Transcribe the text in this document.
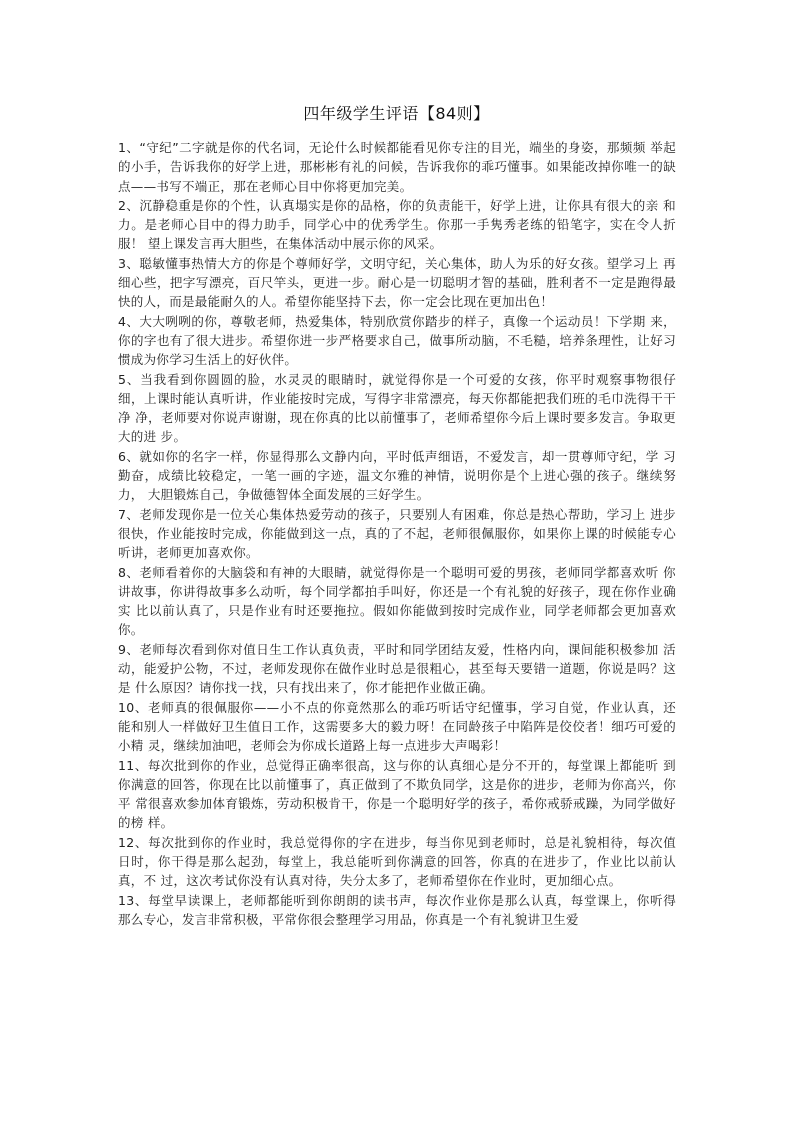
四年级学生评语【84则】

1、“守纪”二字就是你的代名词，无论什么时候都能看见你专注的目光，端坐的身姿，那频频 举起的小手，告诉我你的好学上进，那彬彬有礼的问候，告诉我你的乖巧懂事。如果能改掉你唯一的缺 点——书写不端正，那在老师心目中你将更加完美。

2、沉静稳重是你的个性，认真塌实是你的品格，你的负责能干，好学上进，让你具有很大的亲 和力。是老师心目中的得力助手，同学心中的优秀学生。你那一手隽秀老练的铅笔字，实在令人折服！ 望上课发言再大胆些，在集体活动中展示你的风采。

3、聪敏懂事热情大方的你是个尊师好学，文明守纪，关心集体，助人为乐的好女孩。望学习上 再细心些，把字写漂亮，百尺竿头，更进一步。耐心是一切聪明才智的基础，胜利者不一定是跑得最快的人，而是最能耐久的人。希望你能坚持下去，你一定会比现在更加出色！

4、大大咧咧的你，尊敬老师，热爱集体，特别欣赏你踏步的样子，真像一个运动员！下学期 来，你的字也有了很大进步。希望你进一步严格要求自己，做事所动脑，不毛糙，培养条理性，让好习 惯成为你学习生活上的好伙伴。

5、当我看到你圆圆的脸，水灵灵的眼睛时，就觉得你是一个可爱的女孩，你平时观察事物很仔 细，上课时能认真听讲，作业能按时完成，写得字非常漂亮，每天你都能把我们班的毛巾洗得干干净 净，老师要对你说声谢谢，现在你真的比以前懂事了，老师希望你今后上课时要多发言。争取更大的进 步。

6、就如你的名字一样，你显得那么文静内向，平时低声细语，不爱发言，却一贯尊师守纪，学 习勤奋，成绩比较稳定，一笔一画的字迹，温文尔雅的神情，说明你是个上进心强的孩子。继续努力， 大胆锻炼自己，争做德智体全面发展的三好学生。

7、老师发现你是一位关心集体热爱劳动的孩子，只要别人有困难，你总是热心帮助，学习上 进步很快，作业能按时完成，你能做到这一点，真的了不起，老师很佩服你，如果你上课的时候能专心 听讲，老师更加喜欢你。

8、老师看着你的大脑袋和有神的大眼睛，就觉得你是一个聪明可爱的男孩，老师同学都喜欢听 你讲故事，你讲得故事多么动听，每个同学都拍手叫好，你还是一个有礼貌的好孩子，现在你作业确实 比以前认真了，只是作业有时还要拖拉。假如你能做到按时完成作业，同学老师都会更加喜欢你。

9、老师每次看到你对值日生工作认真负责，平时和同学团结友爱，性格内向，课间能积极参加 活动，能爱护公物，不过，老师发现你在做作业时总是很粗心，甚至每天要错一道题，你说是吗？这是 什么原因？请你找一找，只有找出来了，你才能把作业做正确。

10、老师真的很佩服你——小不点的你竟然那么的乖巧听话守纪懂事，学习自觉，作业认真，还 能和别人一样做好卫生值日工作，这需要多大的毅力呀！在同龄孩子中陷阵是佼佼者！细巧可爱的小精 灵，继续加油吧，老师会为你成长道路上每一点进步大声喝彩！

11、每次批到你的作业，总觉得正确率很高，这与你的认真细心是分不开的，每堂课上都能听 到你满意的回答，你现在比以前懂事了，真正做到了不欺负同学，这是你的进步，老师为你高兴，你平 常很喜欢参加体育锻炼，劳动积极肯干，你是一个聪明好学的孩子，希你戒骄戒躁，为同学做好的榜 样。

12、每次批到你的作业时，我总觉得你的字在进步，每当你见到老师时，总是礼貌相待，每次值 日时，你干得是那么起劲，每堂上，我总能听到你满意的回答，你真的在进步了，作业比以前认真，不 过，这次考试你没有认真对待，失分太多了，老师希望你在作业时，更加细心点。

13、每堂早读课上，老师都能听到你朗朗的读书声，每次作业你是那么认真，每堂课上，你听得 那么专心，发言非常积极，平常你很会整理学习用品，你真是一个有礼貌讲卫生爱
